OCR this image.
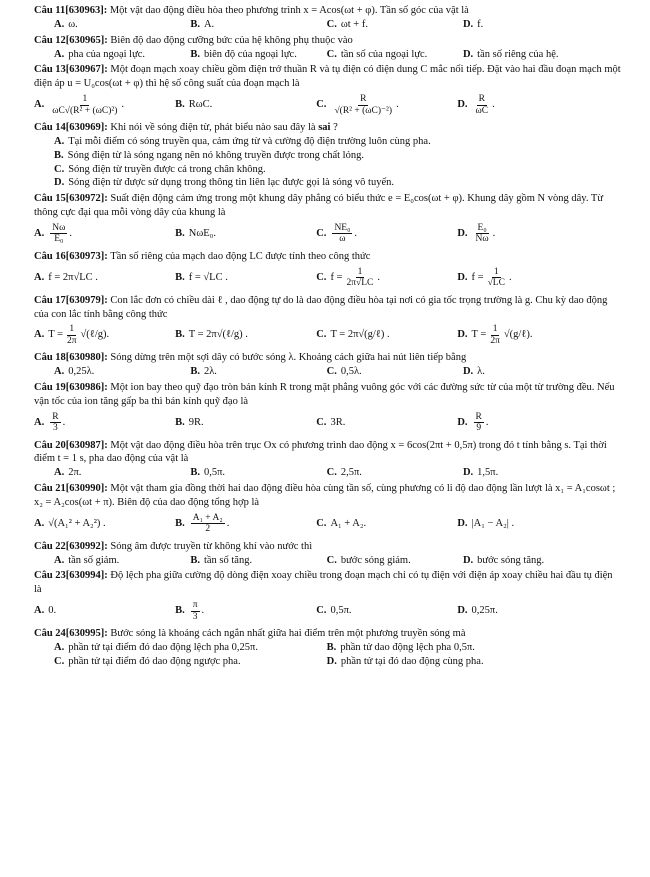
Câu 11[630963]: Một vật dao động điều hòa theo phương trình x = Acos(ωt + φ). Tần số góc của vật là
A. ω.	B. A.	C. ωt + f.	D. f.
Câu 12[630965]: Biên độ dao động cưỡng bức của hệ không phụ thuộc vào
A. pha của ngoại lực.	B. biên độ của ngoại lực.	C. tần số của ngoại lực.	D. tần số riêng của hệ.
Câu 13[630967]: Một đoạn mạch xoay chiều gồm điện trở thuần R và tụ điện có điện dung C mắc nối tiếp. Đặt vào hai đầu đoạn mạch một điện áp u = U₀cos(ωt + φ) thì hệ số công suất của đoạn mạch là
A. $\frac{1}{\text{ωC√(R² + (ωC)²)}}$ .	B. RωC.	C. $\frac{R}{\text{√(R² + (ωC)⁻²)}}$ .	D. $\frac{R}{\omega C}$ .
Câu 14[630969]: Khi nói về sóng điện từ, phát biểu nào sau đây là sai ?
A. Tại mỗi điểm có sóng truyền qua, cảm ứng từ và cường độ điện trường luôn cùng pha.
B. Sóng điện từ là sóng ngang nên nó không truyền được trong chất lỏng.
C. Sóng điện từ truyền được cả trong chân không.
D. Sóng điện từ được sử dụng trong thông tin liên lạc được gọi là sóng vô tuyến.
Câu 15[630972]: Suất điện động cảm ứng trong một khung dây phẳng có biểu thức e = E₀cos(ωt + φ). Khung dây gồm N vòng dây. Từ thông cực đại qua mỗi vòng dây của khung là
A. $\frac{N\omega}{\text{E₀}}$ .	B. NωE₀.	C. $\frac{\text{NE₀}}{\omega}$ .	D. $\frac{\text{E₀}}{N\omega}$ .
Câu 16[630973]: Tần số riêng của mạch dao động LC được tính theo công thức
A. f = 2π√LC .	B. f = √LC .	C. $f = \frac{1}{2\pi√LC}$ .	D. $f = \frac{1}{√LC}$ .
Câu 17[630979]: Con lắc đơn có chiều dài ℓ , dao động tự do là dao động điều hòa tại nơi có gia tốc trọng trường là g. Chu kỳ dao động của con lắc tính bằng công thức
A. $T = \frac{1}{2\pi}$ √(ℓ/g) .	B. T = 2π√(ℓ/g) .	C. T = 2π√(g/ℓ) .	D. $T = \frac{1}{2\pi}$ √(g/ℓ) .
Câu 18[630980]: Sóng dừng trên một sợi dây có bước sóng λ. Khoảng cách giữa hai nút liên tiếp bằng
A. 0,25λ.	B. 2λ.	C. 0,5λ.	D. λ.
Câu 19[630986]: Một ion bay theo quỹ đạo tròn bán kính R trong mặt phẳng vuông góc với các đường sức từ của một từ trường đều. Nếu vận tốc của ion tăng gấp ba thì bán kính quỹ đạo là
A. $\frac{R}{3}$ .	B. 9R.	C. 3R.	D. $\frac{R}{9}$ .
Câu 20[630987]: Một vật dao động điều hòa trên trục Ox có phương trình dao động x = 6cos(2πt + 0,5π) trong đó t tính bằng s. Tại thời điểm t = 1 s, pha dao động của vật là
A. 2π.	B. 0,5π.	C. 2,5π.	D. 1,5π.
Câu 21[630990]: Một vật tham gia đồng thời hai dao động điều hòa cùng tần số, cùng phương có li độ dao động lần lượt là x₁ = A₁cosωt ; x₂ = A₂cos(ωt + π). Biên độ của dao động tổng hợp là
A. √(A₁² + A₂²) .	B. $\frac{\text{A₁ + A₂}}{2}$ .	C. A₁ + A₂.	D. |A₁ − A₂| .
Câu 22[630992]: Sóng âm được truyền từ không khí vào nước thì
A. tần số giảm.	B. tần số tăng.	C. bước sóng giảm.	D. bước sóng tăng.
Câu 23[630994]: Độ lệch pha giữa cường độ dòng điện xoay chiều trong đoạn mạch chỉ có tụ điện với điện áp xoay chiều hai đầu tụ điện là
A. 0.	B. $\frac{\pi}{3}$ .	C. 0,5π.	D. 0,25π.
Câu 24[630995]: Bước sóng là khoảng cách ngắn nhất giữa hai điểm trên một phương truyền sóng mà
A. phần tử tại điểm đó dao động lệch pha 0,25π.	B. phần tử dao động lệch pha 0,5π.
C. phần tử tại điểm đó dao động ngược pha.	D. phần tử tại đó dao động cùng pha.
